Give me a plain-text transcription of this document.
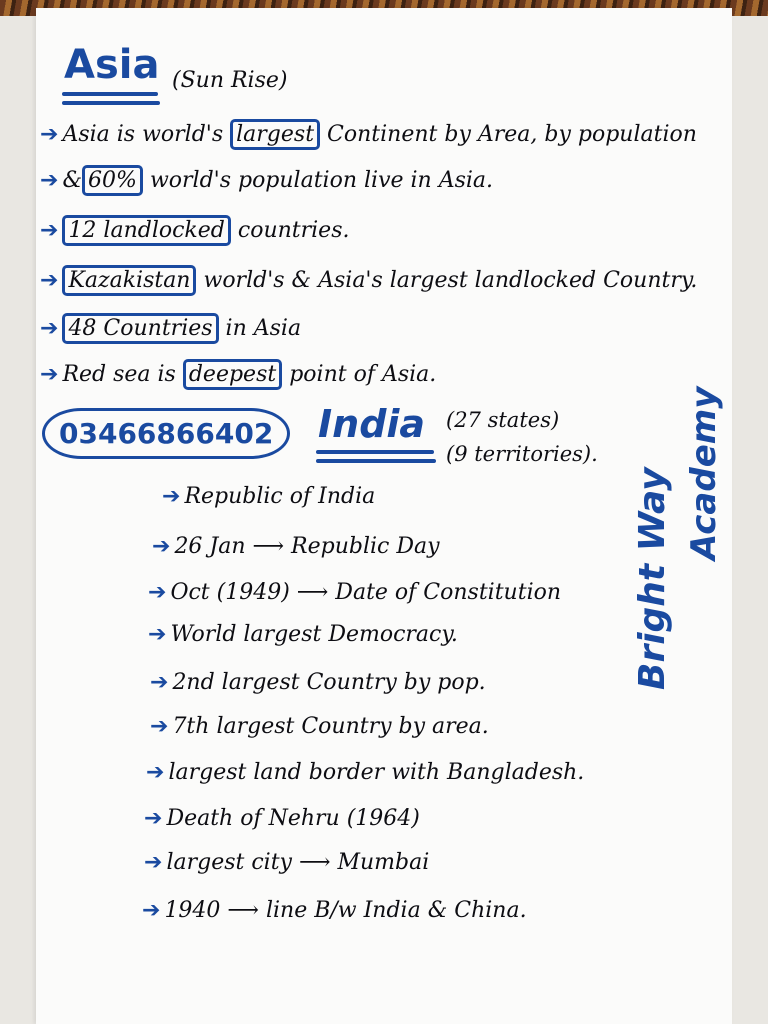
Asia (Sun Rise)
➔ Asia is world's largest Continent by Area, by population
➔ & 60% world's population live in Asia.
➔ 12 landlocked countries.
➔ Kazakistan world's & Asia's largest landlocked Country.
➔ 48 Countries in Asia
➔ Red sea is deepest point of Asia.
03466866402	India (27 states)
(9 territories).
➔ Republic of India
➔ 26 Jan ⟶ Republic Day
➔ Oct (1949) ⟶ Date of Constitution
➔ World largest Democracy.
➔ 2nd largest Country by pop.
➔ 7th largest Country by area.
➔ largest land border with Bangladesh.
➔ Death of Nehru (1964)
➔ largest city ⟶ Mumbai
➔ 1940 ⟶ line B/w India & China.
Bright Way Academy
